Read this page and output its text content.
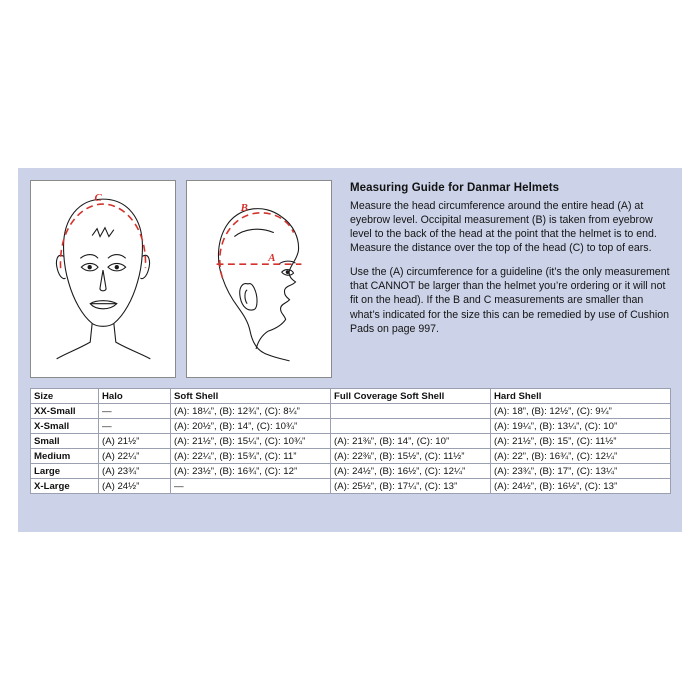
C
A
B
Measuring Guide for Danmar Helmets

Measure the head circumference around the entire head (A) at eyebrow level. Occipital measurement (B) is taken from eyebrow level to the back of the head at the point that the helmet is to end. Measure the distance over the top of the head (C) to top of ears.

Use the (A) circumference for a guideline (it’s the only measurement that CANNOT be larger than the helmet you’re ordering or it will not fit on the head). If the B and C measurements are smaller than what’s indicated for the size this can be remedied by use of Cushion Pads on page 997.

Size	Halo	Soft Shell	Full Coverage Soft Shell	Hard Shell
XX-Small	—	(A): 18¼”, (B): 12¾”, (C): 8¼”		(A): 18”, (B): 12½”, (C): 9¼”
X-Small	—	(A): 20½”, (B): 14”, (C): 10¾”		(A): 19¼”, (B): 13¼”, (C): 10”
Small	(A) 21½”	(A): 21½”, (B): 15¼”, (C): 10¾”	(A): 21⅜”, (B): 14”, (C): 10”	(A): 21½”, (B): 15”, (C): 11½”
Medium	(A) 22¼”	(A): 22¼”, (B): 15¾”, (C): 11”	(A): 22⅜”, (B): 15½”, (C): 11½”	(A): 22”, (B): 16¾”, (C): 12¼”
Large	(A) 23¾”	(A): 23½”, (B): 16¾”, (C): 12”	(A): 24½”, (B): 16½”, (C): 12¼”	(A): 23¾”, (B): 17”, (C): 13¼”
X-Large	(A) 24½”	—	(A): 25½”, (B): 17¼”, (C): 13”	(A): 24½”, (B): 16½”, (C): 13”
